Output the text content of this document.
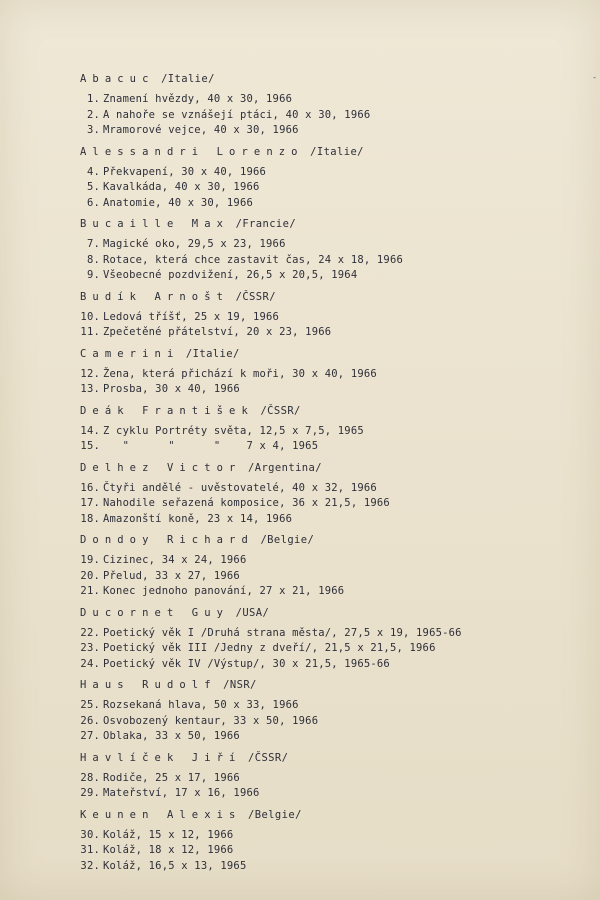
-
Abacuc /Italie/
1. Znamení hvězdy, 40 x 30, 1966
2. A nahoře se vznášejí ptáci, 40 x 30, 1966
3. Mramorové vejce, 40 x 30, 1966
Alessandri Lorenzo /Italie/
4. Překvapení, 30 x 40, 1966
5. Kavalkáda, 40 x 30, 1966
6. Anatomie, 40 x 30, 1966
Bucaille Max /Francie/
7. Magické oko, 29,5 x 23, 1966
8. Rotace, která chce zastavit čas, 24 x 18, 1966
9. Všeobecné pozdvižení, 26,5 x 20,5, 1964
Budík Arnošt /ČSSR/
10. Ledová tříšť, 25 x 19, 1966
11. Zpečetěné přátelství, 20 x 23, 1966
Camerini /Italie/
12. Žena, která přichází k moři, 30 x 40, 1966
13. Prosba, 30 x 40, 1966
Deák František /ČSSR/
14. Z cyklu Portréty světa, 12,5 x 7,5, 1965
15. "      "      "    7 x 4, 1965
Delhez Victor /Argentina/
16. Čtyři andělé - uvěstovatelé, 40 x 32, 1966
17. Nahodile seřazená komposice, 36 x 21,5, 1966
18. Amazonští koně, 23 x 14, 1966
Dondoy Richard /Belgie/
19. Cizinec, 34 x 24, 1966
20. Přelud, 33 x 27, 1966
21. Konec jednoho panování, 27 x 21, 1966
Ducornet Guy /USA/
22. Poetický věk I /Druhá strana města/, 27,5 x 19, 1965-66
23. Poetický věk III /Jedny z dveří/, 21,5 x 21,5, 1966
24. Poetický věk IV /Výstup/, 30 x 21,5, 1965-66
Haus Rudolf /NSR/
25. Rozsekaná hlava, 50 x 33, 1966
26. Osvobozený kentaur, 33 x 50, 1966
27. Oblaka, 33 x 50, 1966
Havlíček Jiří /ČSSR/
28. Rodiče, 25 x 17, 1966
29. Mateřství, 17 x 16, 1966
Keunen Alexis /Belgie/
30. Koláž, 15 x 12, 1966
31. Koláž, 18 x 12, 1966
32. Koláž, 16,5 x 13, 1965
